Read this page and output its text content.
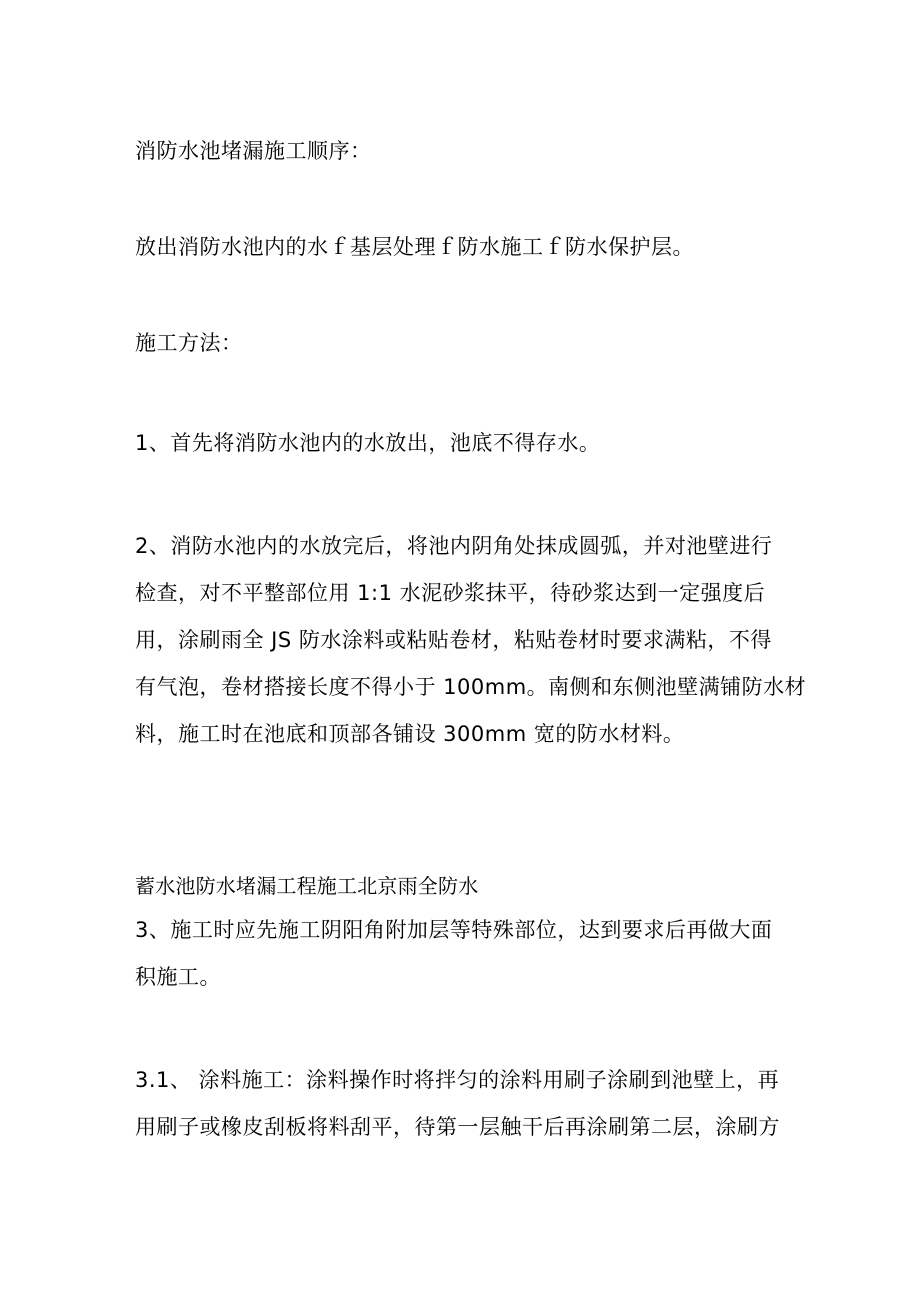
消防水池堵漏施工顺序：
放出消防水池内的水ｆ基层处理ｆ防水施工ｆ防水保护层。
施工方法：
1、首先将消防水池内的水放出，池底不得存水。
2、消防水池内的水放完后，将池内阴角处抹成圆弧，并对池壁进行
检查，对不平整部位用 1:1 水泥砂浆抹平，待砂浆达到一定强度后
用，涂刷雨全 JS 防水涂料或粘贴卷材，粘贴卷材时要求满粘，不得
有气泡，卷材搭接长度不得小于 100mm。南侧和东侧池壁满铺防水材
料，施工时在池底和顶部各铺设 300mm 宽的防水材料。
蓄水池防水堵漏工程施工北京雨全防水
3、施工时应先施工阴阳角附加层等特殊部位，达到要求后再做大面
积施工。
3.1、 涂料施工：涂料操作时将拌匀的涂料用刷子涂刷到池壁上，再
用刷子或橡皮刮板将料刮平，待第一层触干后再涂刷第二层，涂刷方
